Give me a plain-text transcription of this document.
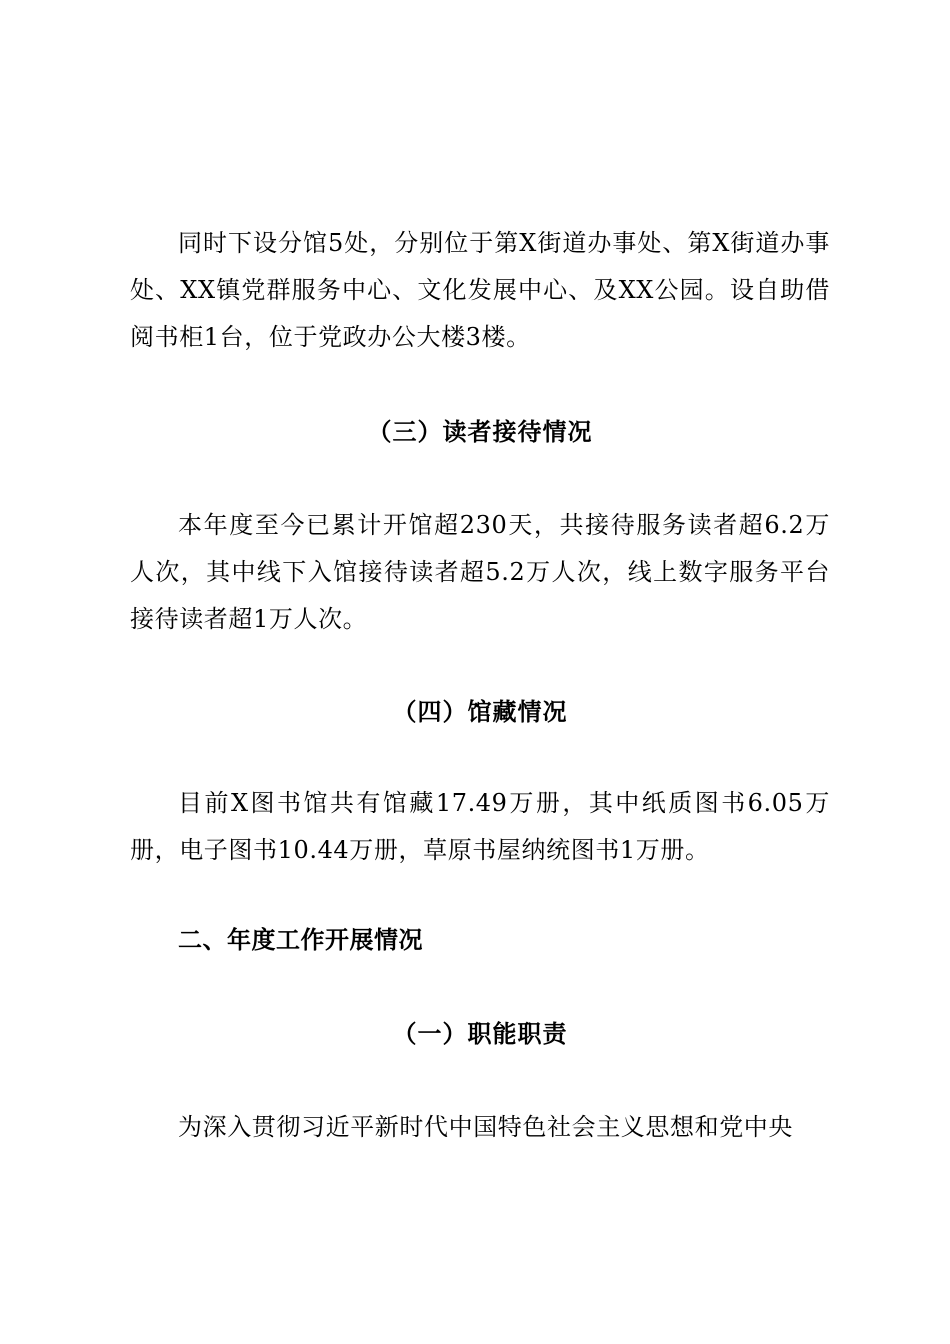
同时下设分馆5处，分别位于第X街道办事处、第X街道办事处、XX镇党群服务中心、文化发展中心、及XX公园。设自助借阅书柜1台，位于党政办公大楼3楼。

（三）读者接待情况

本年度至今已累计开馆超230天，共接待服务读者超6.2万人次，其中线下入馆接待读者超5.2万人次，线上数字服务平台接待读者超1万人次。

（四）馆藏情况

目前X图书馆共有馆藏17.49万册，其中纸质图书6.05万册，电子图书10.44万册，草原书屋纳统图书1万册。

二、年度工作开展情况
（一）职能职责

为深入贯彻习近平新时代中国特色社会主义思想和党中央
